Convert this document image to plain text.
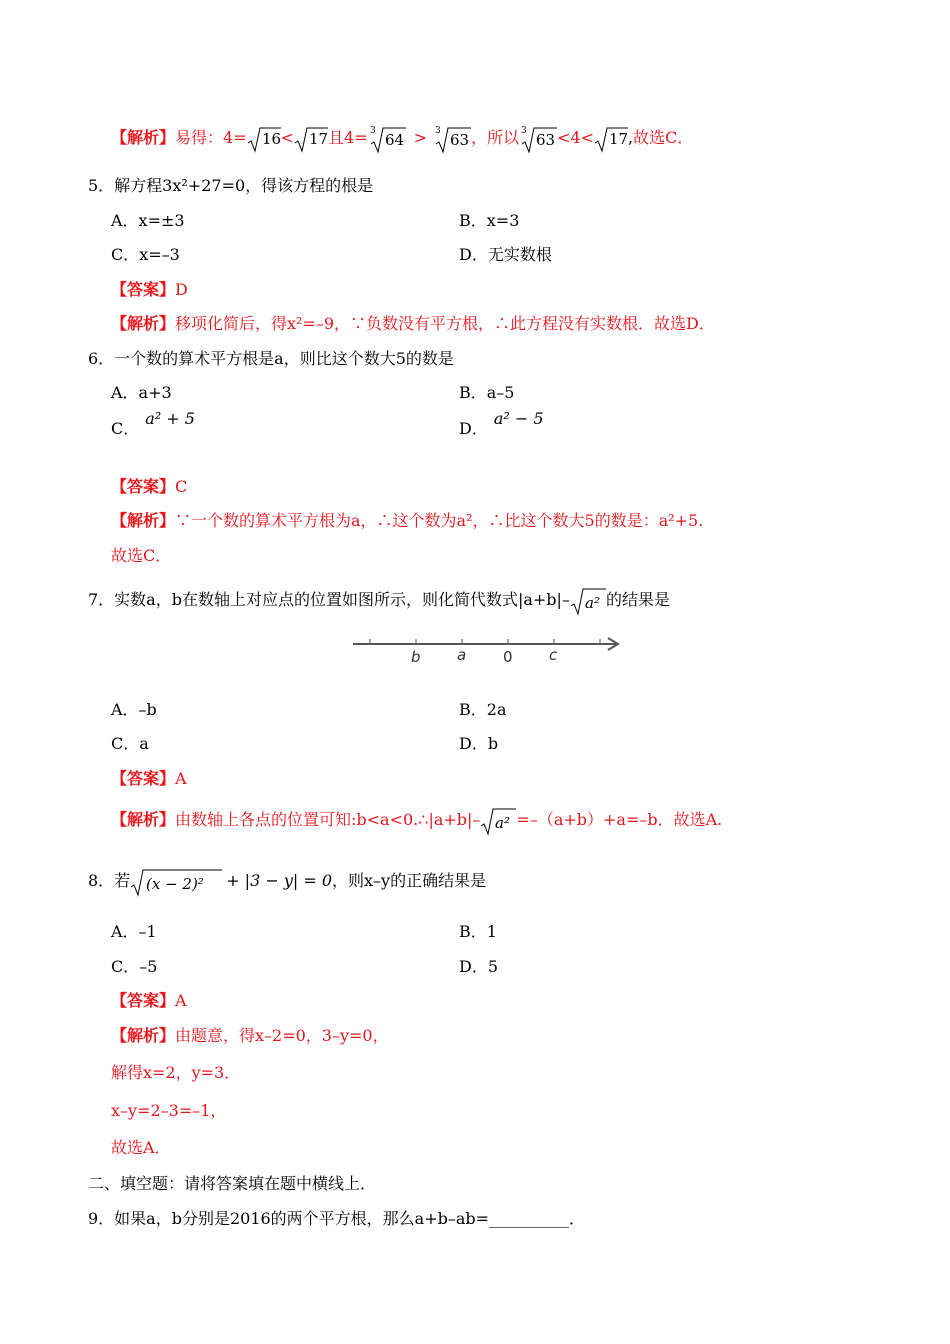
【解析】易得：4= 16 < 17 且4= 3 64 > 3 63 ，所以 3 63 <4< 17 ,故选C．
5．解方程3x²+27=0，得该方程的根是
A．x=±3	B．x=3
C．x=–3	D．无实数根
【答案】D
【解析】移项化简后，得x²=–9，∵负数没有平方根，∴此方程没有实数根．故选D．
6．一个数的算术平方根是a，则比这个数大5的数是
A．a+3	B．a–5
C．a² + 5
D．a² − 5
【答案】C
【解析】∵一个数的算术平方根为a，∴这个数为a²，∴比这个数大5的数是：a²+5.
故选C．
7．实数a，b在数轴上对应点的位置如图所示，则化简代数式|a+b|– a² 的结果是
b a 0 c
A．–b	B．2a
C．a	D．b
【答案】A
【解析】由数轴上各点的位置可知:b<a<0.∴|a+b|– a² =–（a+b）+a=–b．故选A.
8．若 (x − 2)² + |3 − y| = 0，则x–y的正确结果是
A．–1	B．1
C．–5	D．5
【答案】A
【解析】由题意，得x–2=0，3–y=0，
解得x=2，y=3．
x–y=2–3=–1，
故选A．
二、填空题：请将答案填在题中横线上．
9．如果a，b分别是2016的两个平方根，那么a+b–ab=__________．
